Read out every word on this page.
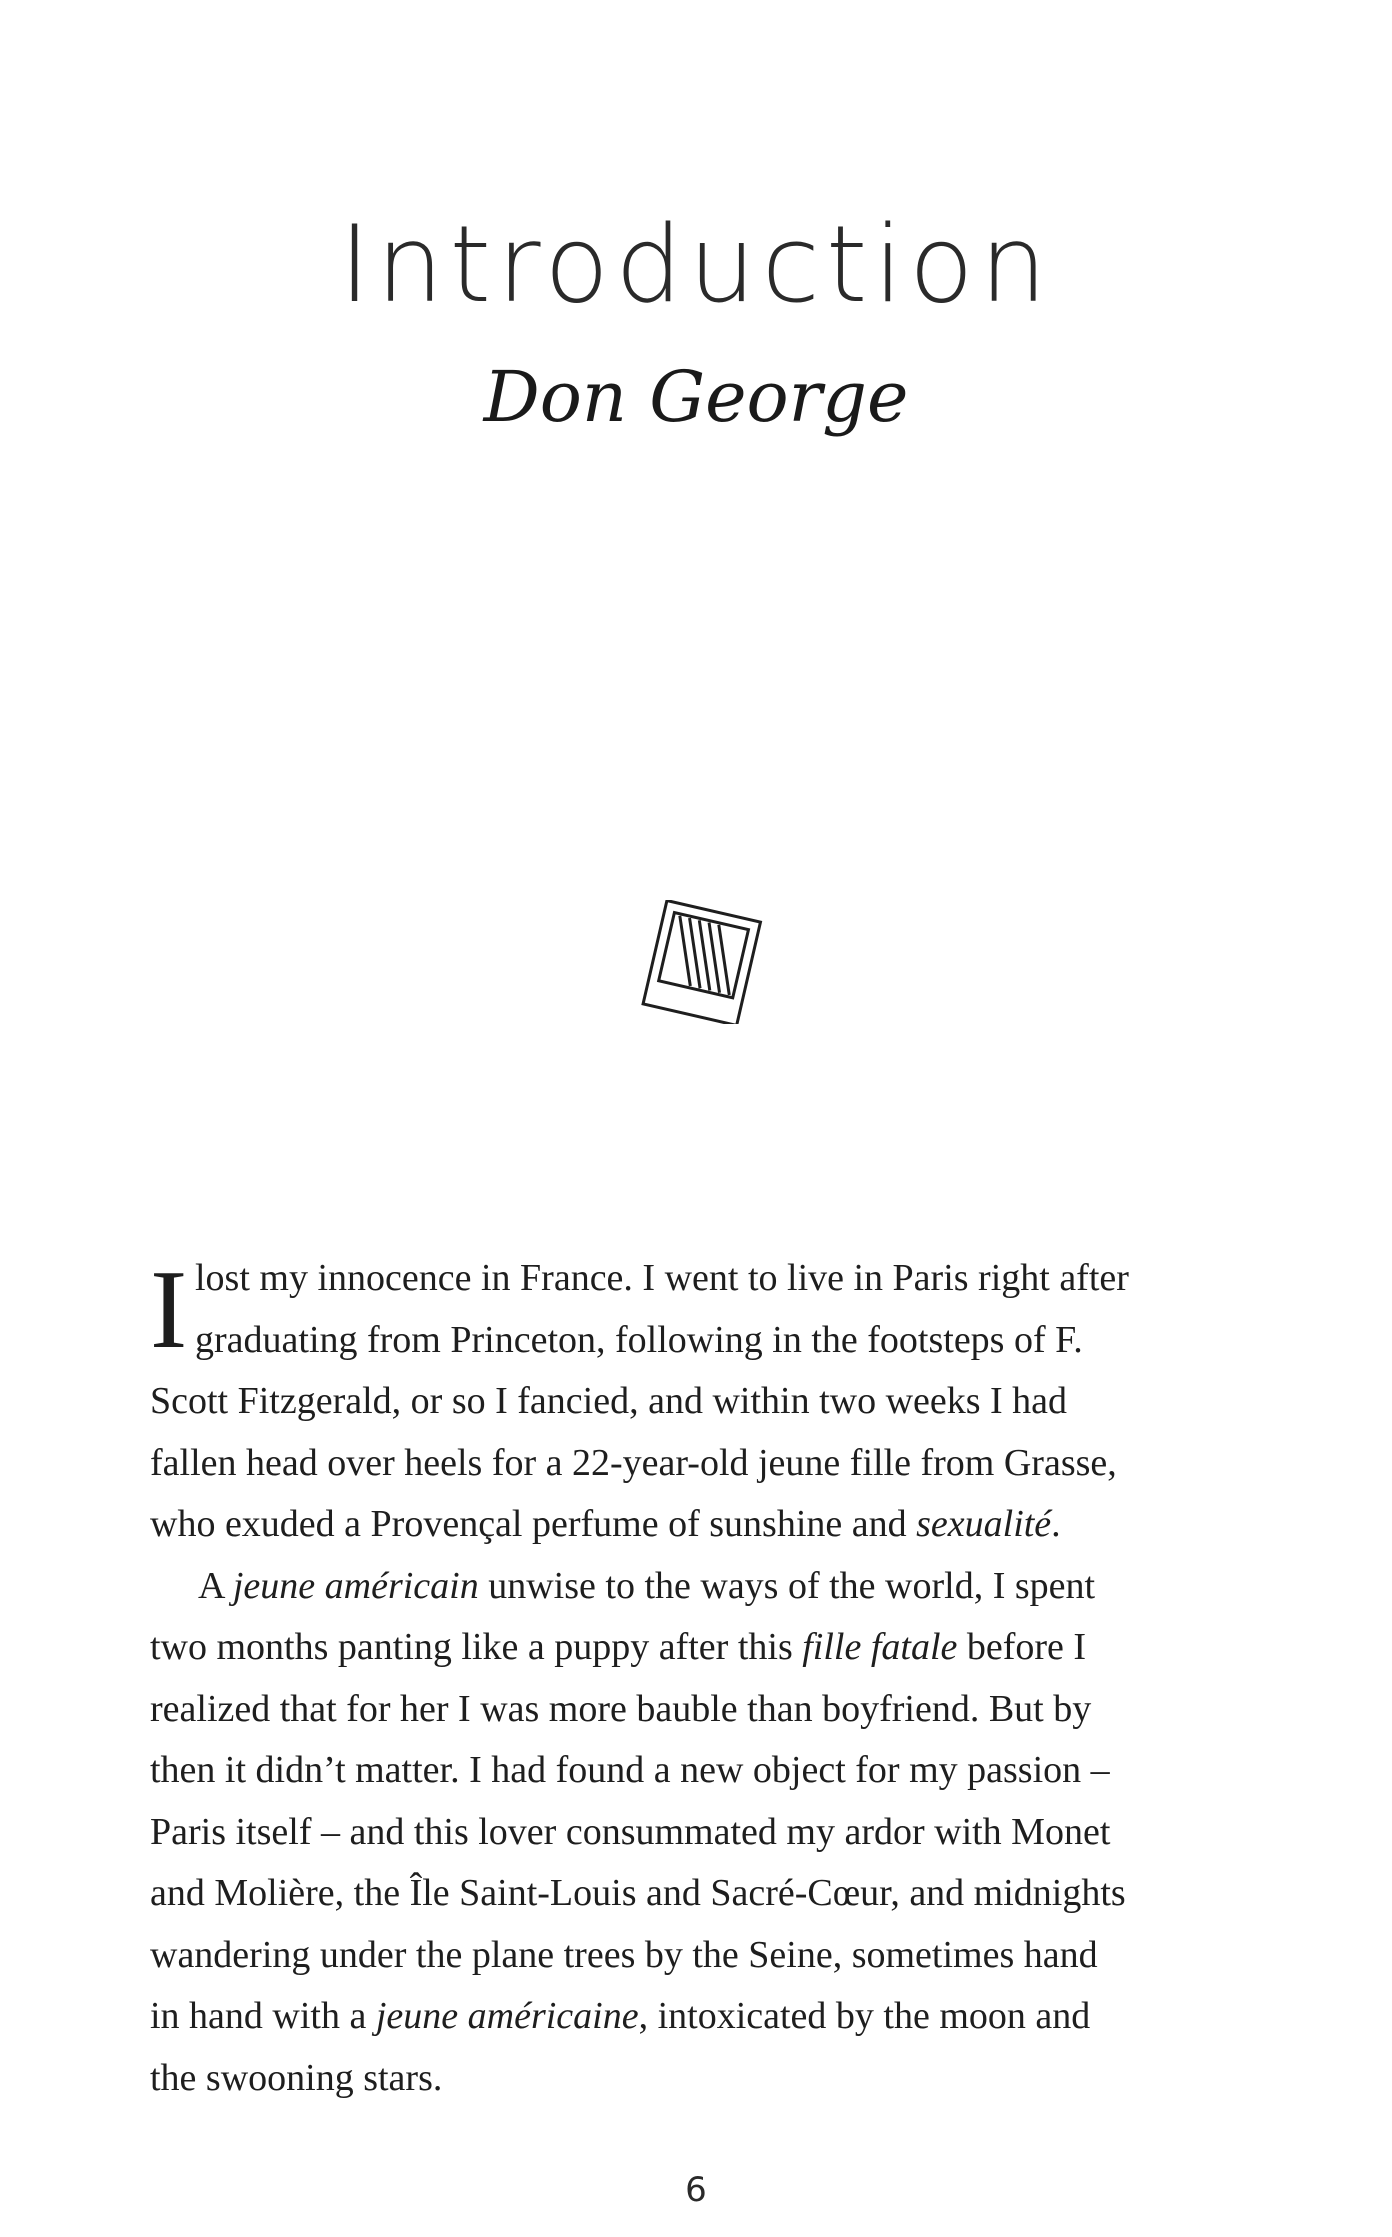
Introduction
Don George
I lost my innocence in France. I went to live in Paris right after
graduating from Princeton, following in the footsteps of F.
Scott Fitzgerald, or so I fancied, and within two weeks I had
fallen head over heels for a 22-year-old jeune fille from Grasse,
who exuded a Provençal perfume of sunshine and sexualité.

A jeune américain unwise to the ways of the world, I spent
two months panting like a puppy after this fille fatale before I
realized that for her I was more bauble than boyfriend. But by
then it didn’t matter. I had found a new object for my passion –
Paris itself – and this lover consummated my ardor with Monet
and Molière, the Île Saint-Louis and Sacré-Cœur, and midnights
wandering under the plane trees by the Seine, sometimes hand
in hand with a jeune américaine, intoxicated by the moon and
the swooning stars.

6
